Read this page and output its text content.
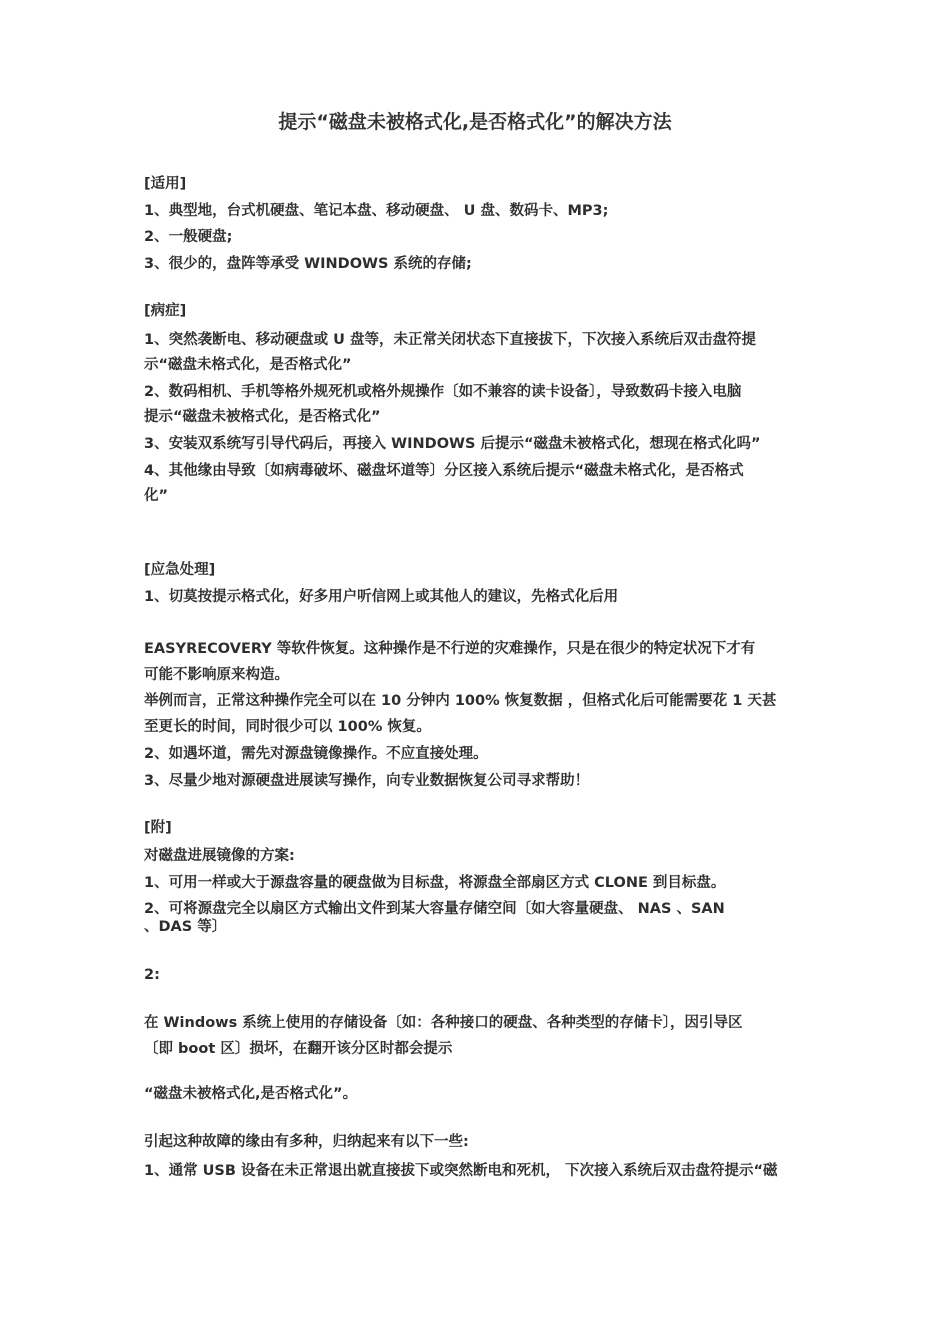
提示“磁盘未被格式化,是否格式化”的解决方法
[适用]
1、典型地，台式机硬盘、笔记本盘、移动硬盘、 U 盘、数码卡、MP3;
2、一般硬盘;
3、很少的，盘阵等承受 WINDOWS 系统的存储;
[病症]
1、突然袭断电、移动硬盘或 U 盘等，未正常关闭状态下直接拔下，下次接入系统后双击盘符提
示“磁盘未格式化，是否格式化”
2、数码相机、手机等格外规死机或格外规操作〔如不兼容的读卡设备〕，导致数码卡接入电脑
提示“磁盘未被格式化，是否格式化”
3、安装双系统写引导代码后，再接入 WINDOWS 后提示“磁盘未被格式化，想现在格式化吗”
4、其他缘由导致〔如病毒破坏、磁盘坏道等〕分区接入系统后提示“磁盘未格式化，是否格式
化”
[应急处理]
1、切莫按提示格式化，好多用户听信网上或其他人的建议，先格式化后用
EASYRECOVERY 等软件恢复。这种操作是不行逆的灾难操作，只是在很少的特定状况下才有
可能不影响原来构造。
举例而言，正常这种操作完全可以在 10 分钟内 100% 恢复数据 ，但格式化后可能需要花 1 天甚
至更长的时间，同时很少可以 100% 恢复。
2、如遇坏道，需先对源盘镜像操作。不应直接处理。
3、尽量少地对源硬盘进展读写操作，向专业数据恢复公司寻求帮助！
[附]
对磁盘进展镜像的方案:
1、可用一样或大于源盘容量的硬盘做为目标盘，将源盘全部扇区方式 CLONE 到目标盘。
2、可将源盘完全以扇区方式输出文件到某大容量存储空间〔如大容量硬盘、 NAS 、SAN
、DAS 等〕
2:
在 Windows 系统上使用的存储设备〔如：各种接口的硬盘、各种类型的存储卡〕，因引导区
〔即 boot 区〕损坏，在翻开该分区时都会提示
“磁盘未被格式化,是否格式化”。
引起这种故障的缘由有多种，归纳起来有以下一些:
1、通常 USB 设备在未正常退出就直接拔下或突然断电和死机， 下次接入系统后双击盘符提示“磁
